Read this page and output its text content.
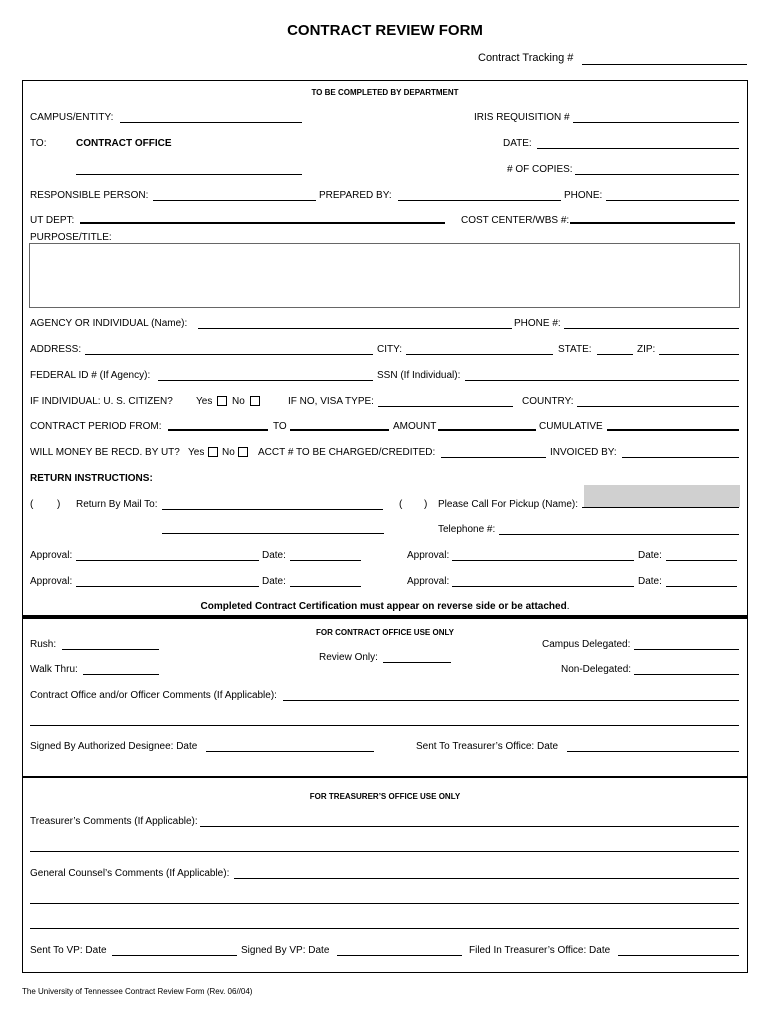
CONTRACT REVIEW FORM
Contract Tracking #
TO BE COMPLETED BY DEPARTMENT
CAMPUS/ENTITY:	IRIS REQUISITION #
TO:	CONTRACT OFFICE	DATE:
# OF COPIES:
RESPONSIBLE PERSON:	PREPARED BY:	PHONE:
UT DEPT:	COST CENTER/WBS #:
PURPOSE/TITLE:
AGENCY OR INDIVIDUAL (Name):	PHONE #:
ADDRESS:	CITY:	STATE:	ZIP:
FEDERAL ID # (If Agency):	SSN (If Individual):
IF INDIVIDUAL: U. S. CITIZEN? Yes No	IF NO, VISA TYPE:	COUNTRY:
CONTRACT PERIOD FROM:	TO	AMOUNT	CUMULATIVE
WILL MONEY BE RECD. BY UT? Yes No ACCT # TO BE CHARGED/CREDITED:	INVOICED BY:
RETURN INSTRUCTIONS:
( ) Return By Mail To:	( ) Please Call For Pickup (Name):
Telephone #:
Approval:	Date:	Approval:	Date:
Approval:	Date:	Approval:	Date:
Completed Contract Certification must appear on reverse side or be attached.
FOR CONTRACT OFFICE USE ONLY
Rush:	Campus Delegated:
Review Only:
Walk Thru:	Non-Delegated:
Contract Office and/or Officer Comments (If Applicable):
Signed By Authorized Designee: Date	Sent To Treasurer’s Office: Date
FOR TREASURER’S OFFICE USE ONLY
Treasurer’s Comments (If Applicable):
General Counsel’s Comments (If Applicable):
Sent To VP: Date	Signed By VP: Date	Filed In Treasurer’s Office: Date
The University of Tennessee Contract Review Form (Rev. 06//04)
